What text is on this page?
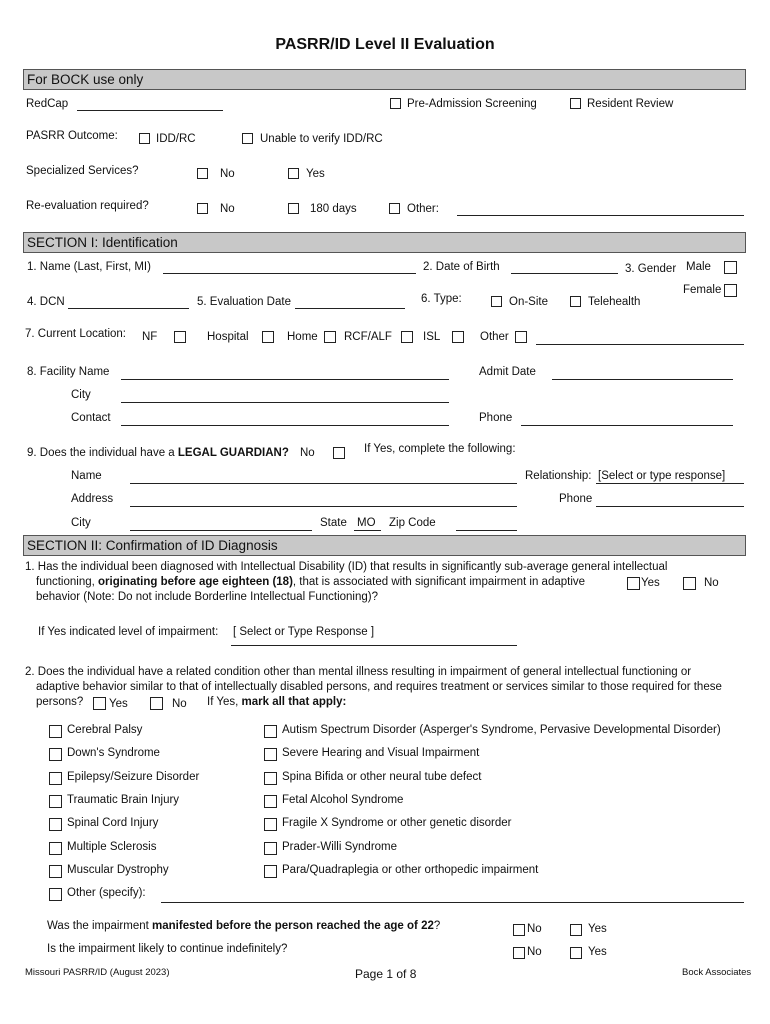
PASRR/ID Level II Evaluation
For BOCK use only
RedCap	Pre-Admission Screening	Resident Review
PASRR Outcome:	IDD/RC	Unable to verify IDD/RC
Specialized Services?	No	Yes
Re-evaluation required?	No	180 days	Other:
SECTION I: Identification
1. Name (Last, First, MI)	2. Date of Birth	3. Gender Male
Female
4. DCN	5. Evaluation Date	6. Type:	On-Site	Telehealth
7. Current Location: NF	Hospital	Home RCF/ALF	ISL	Other
8. Facility Name	Admit Date
City
Contact	Phone
9. Does the individual have a LEGAL GUARDIAN? No	If Yes, complete the following:
Name	Relationship: [Select or type response]
Address	Phone
City	State MO Zip Code
SECTION II: Confirmation of ID Diagnosis
1. Has the individual been diagnosed with Intellectual Disability (ID) that results in significantly sub-average general intellectual
functioning, originating before age eighteen (18), that is associated with significant impairment in adaptive
behavior (Note: Do not include Borderline Intellectual Functioning)?
Yes	No
If Yes indicated level of impairment: [ Select or Type Response ]
2. Does the individual have a related condition other than mental illness resulting in impairment of general intellectual functioning or
adaptive behavior similar to that of intellectually disabled persons, and requires treatment or services similar to those required for these
persons? Yes	No If Yes, mark all that apply:
Cerebral Palsy
Down's Syndrome
Epilepsy/Seizure Disorder
Traumatic Brain Injury
Spinal Cord Injury
Multiple Sclerosis
Muscular Dystrophy
Other (specify):
Autism Spectrum Disorder (Asperger's Syndrome, Pervasive Developmental Disorder)
Severe Hearing and Visual Impairment
Spina Bifida or other neural tube defect
Fetal Alcohol Syndrome
Fragile X Syndrome or other genetic disorder
Prader-Willi Syndrome
Para/Quadraplegia or other orthopedic impairment
Was the impairment manifested before the person reached the age of 22?	No	Yes
Is the impairment likely to continue indefinitely?	No	Yes
Missouri PASRR/ID (August 2023)	Page 1 of 8	Bock Associates
